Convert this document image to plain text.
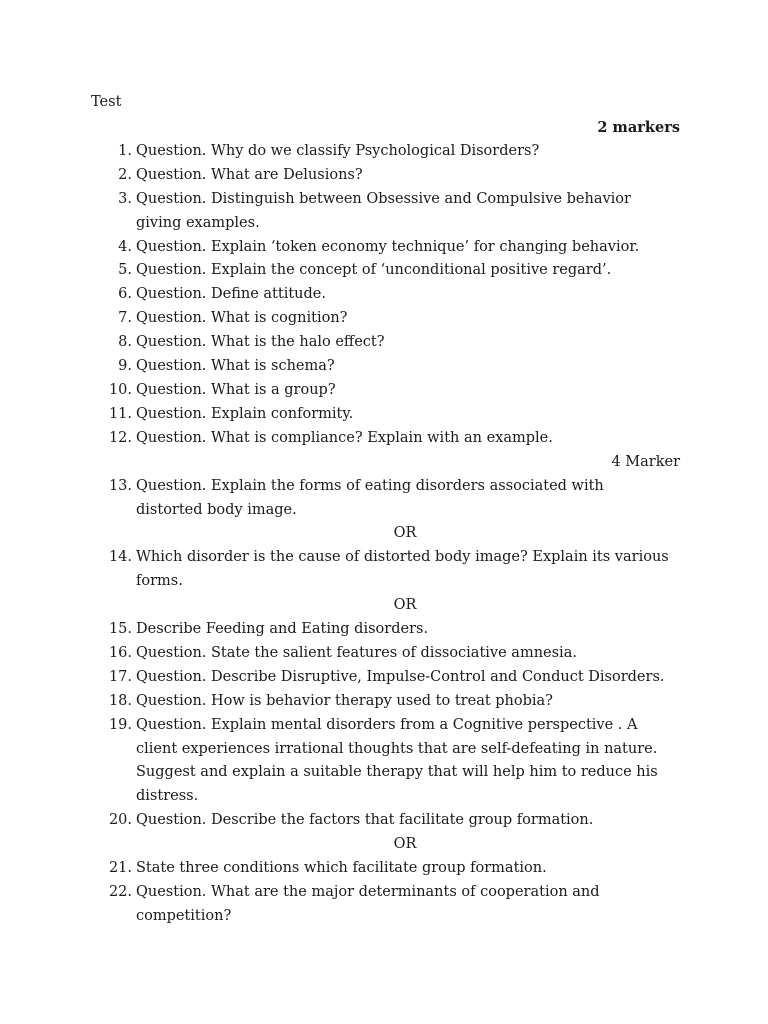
Test
2 markers
1. Question. Why do we classify Psychological Disorders?
2. Question. What are Delusions?
3. Question. Distinguish between Obsessive and Compulsive behavior
giving examples.
4. Question. Explain ‘token economy technique’ for changing behavior.
5. Question. Explain the concept of ‘unconditional positive regard’.
6. Question. Define attitude.
7. Question. What is cognition?
8. Question. What is the halo effect?
9. Question. What is schema?
10. Question. What is a group?
11. Question. Explain conformity.
12. Question. What is compliance? Explain with an example.
4 Marker
13. Question. Explain the forms of eating disorders associated with
distorted body image.
OR
14. Which disorder is the cause of distorted body image? Explain its various
forms.
OR
15. Describe Feeding and Eating disorders.
16. Question. State the salient features of dissociative amnesia.
17. Question. Describe Disruptive, Impulse-Control and Conduct Disorders.
18. Question. How is behavior therapy used to treat phobia?
19. Question. Explain mental disorders from a Cognitive perspective . A
client experiences irrational thoughts that are self-defeating in nature.
Suggest and explain a suitable therapy that will help him to reduce his
distress.
20. Question. Describe the factors that facilitate group formation.
OR
21. State three conditions which facilitate group formation.
22. Question. What are the major determinants of cooperation and
competition?
